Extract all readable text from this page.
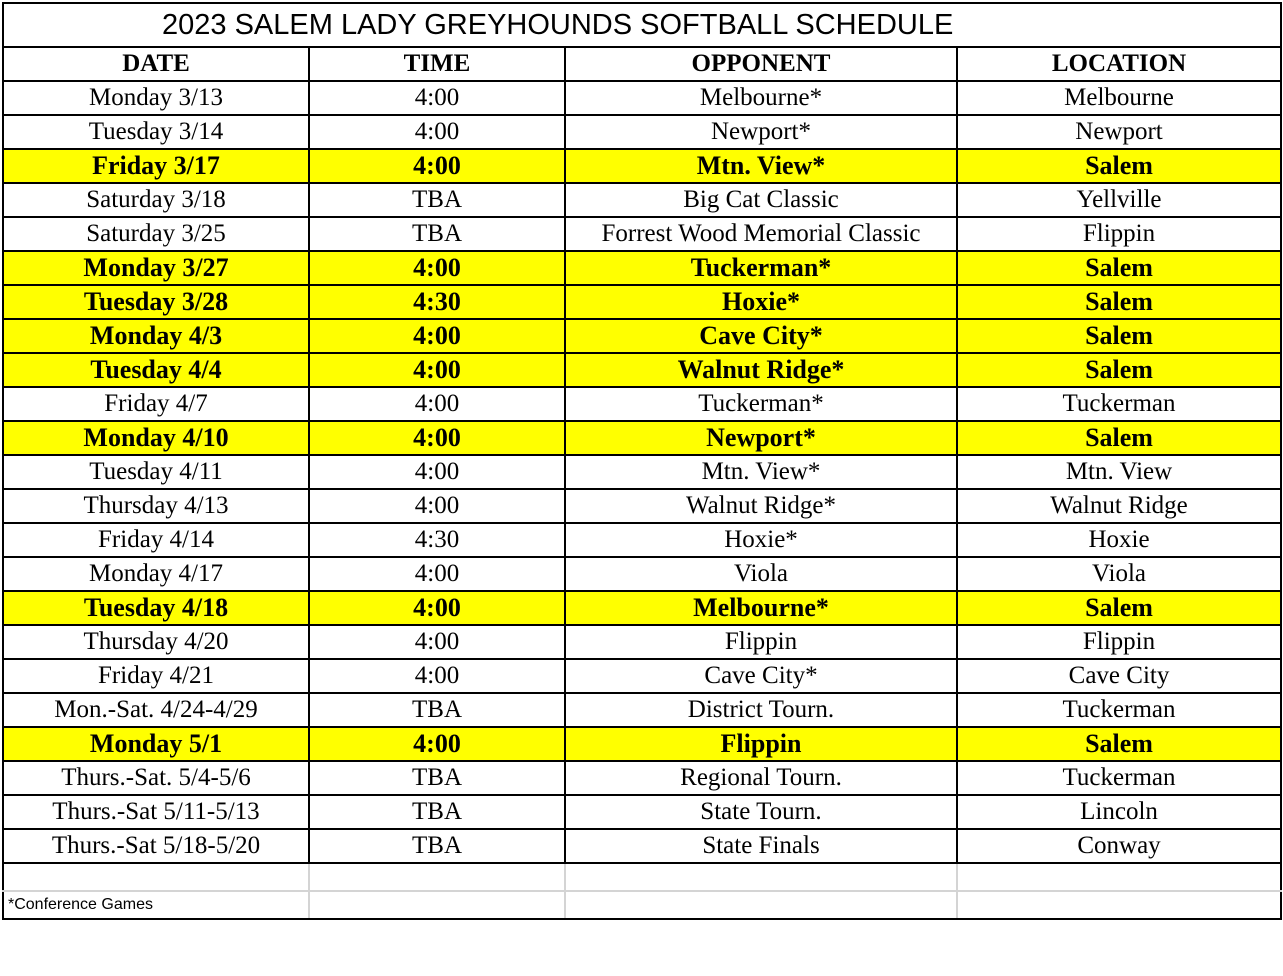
2023 SALEM LADY GREYHOUNDS SOFTBALL SCHEDULE			
DATE	TIME	OPPONENT	LOCATION
Monday 3/13	4:00	Melbourne*	Melbourne
Tuesday 3/14	4:00	Newport*	Newport
Friday 3/17	4:00	Mtn. View*	Salem
Saturday 3/18	TBA	Big Cat Classic	Yellville
Saturday 3/25	TBA	Forrest Wood Memorial Classic	Flippin
Monday 3/27	4:00	Tuckerman*	Salem
Tuesday 3/28	4:30	Hoxie*	Salem
Monday 4/3	4:00	Cave City*	Salem
Tuesday 4/4	4:00	Walnut Ridge*	Salem
Friday 4/7	4:00	Tuckerman*	Tuckerman
Monday 4/10	4:00	Newport*	Salem
Tuesday 4/11	4:00	Mtn. View*	Mtn. View
Thursday 4/13	4:00	Walnut Ridge*	Walnut Ridge
Friday 4/14	4:30	Hoxie*	Hoxie
Monday 4/17	4:00	Viola	Viola
Tuesday 4/18	4:00	Melbourne*	Salem
Thursday 4/20	4:00	Flippin	Flippin
Friday 4/21	4:00	Cave City*	Cave City
Mon.-Sat. 4/24-4/29	TBA	District Tourn.	Tuckerman
Monday 5/1	4:00	Flippin	Salem
Thurs.-Sat. 5/4-5/6	TBA	Regional Tourn.	Tuckerman
Thurs.-Sat 5/11-5/13	TBA	State Tourn.	Lincoln
Thurs.-Sat 5/18-5/20	TBA	State Finals	Conway

*Conference Games			
